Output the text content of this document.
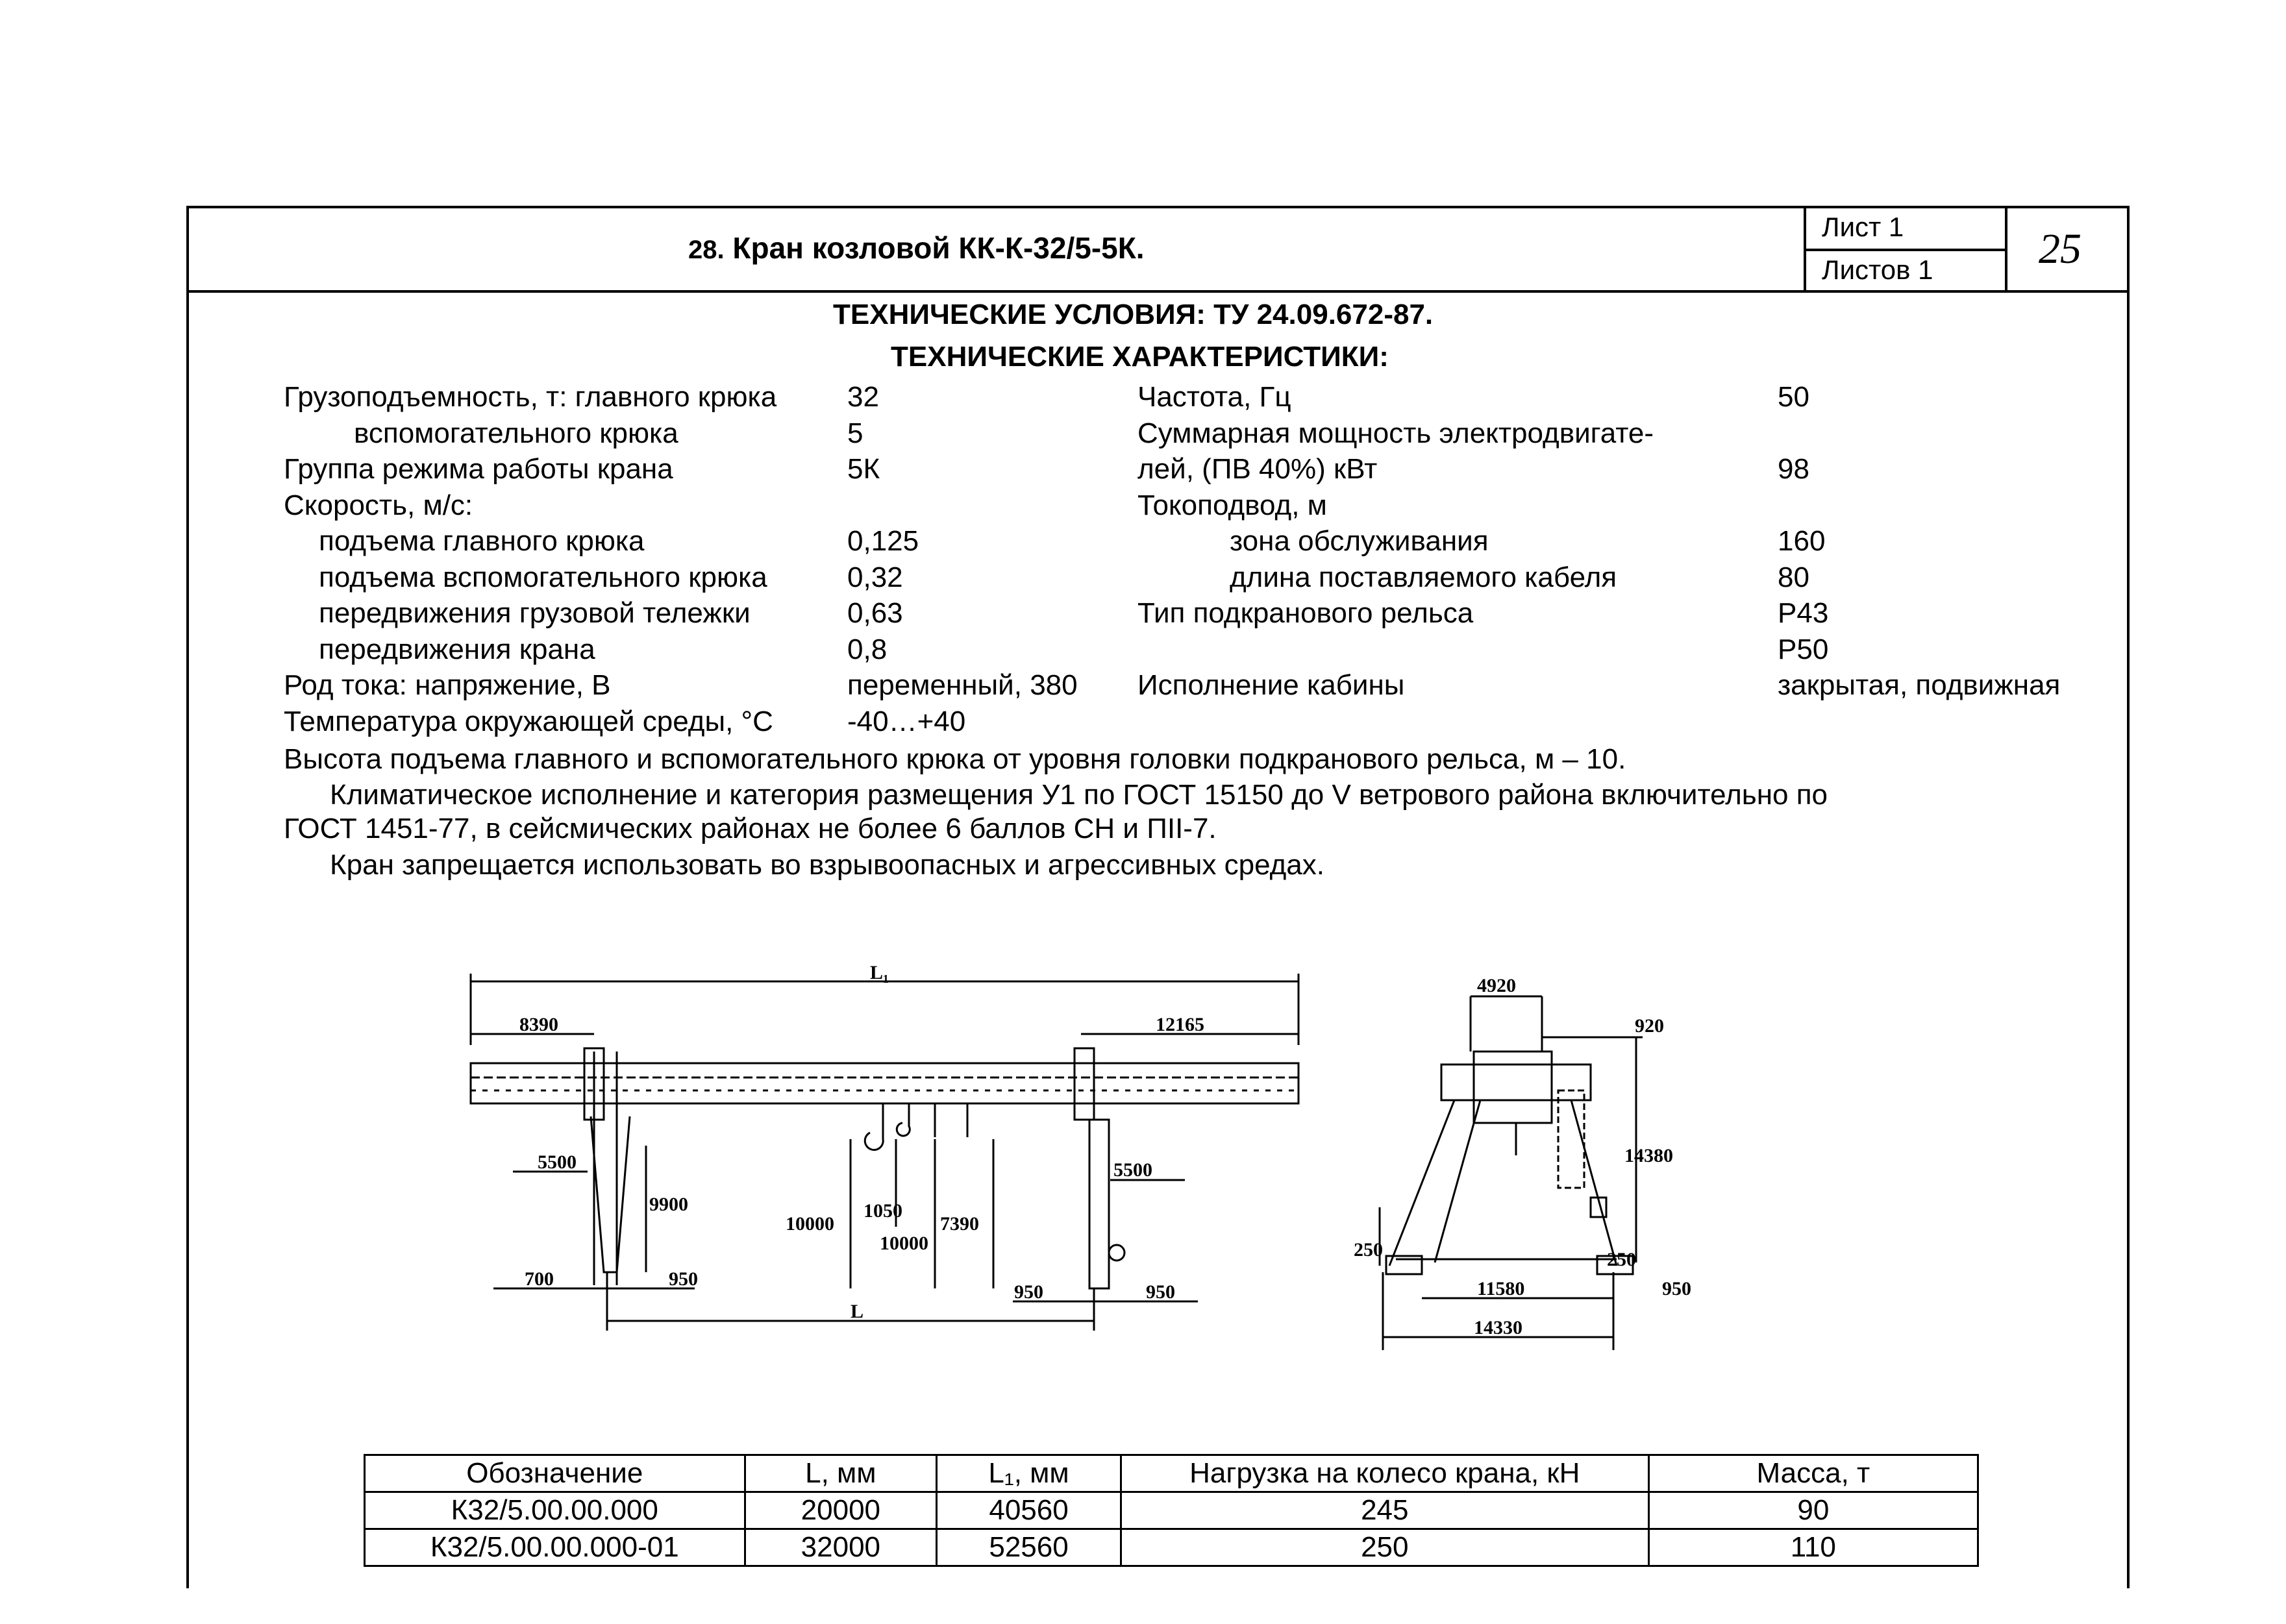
28. Кран козловой КК-К-32/5-5К.
Лист 1
Листов 1 25
ТЕХНИЧЕСКИЕ УСЛОВИЯ: ТУ 24.09.672-87.
ТЕХНИЧЕСКИЕ ХАРАКТЕРИСТИКИ:
Грузоподъемность, т: главного крюка 32
вспомогательного крюка	5
Группа режима работы крана	5К
Скорость, м/с:
подъема главного крюка	0,125
подъема вспомогательного крюка	0,32
передвижения грузовой тележки	0,63
передвижения крана	0,8
Род тока: напряжение, В	переменный, 380
Температура окружающей среды, °С	-40…+40
Частота, Гц	50
Суммарная мощность электродвигате-
лей, (ПВ 40%) кВт	98
Токоподвод, м
зона обслуживания	160
длина поставляемого кабеля	80
Тип подкранового рельса	Р43
Р50
Исполнение кабины	закрытая, подвижная
Высота подъема главного и вспомогательного крюка от уровня головки подкранового рельса, м – 10.
Климатическое исполнение и категория размещения У1 по ГОСТ 15150 до V ветрового района включительно по
ГОСТ 1451-77, в сейсмических районах не более 6 баллов СН и ПII-7.
Кран запрещается использовать во взрывоопасных и агрессивных средах.
L₁
8390	12165
5500	5500
9900
10000
1050
7390
10000
700	950
950	950
L
4920
920
14380
250	250
11580	950
14330
Обозначение	L, мм	L₁, мм	Нагрузка на колесо крана, кН	Масса, т
К32/5.00.00.000	20000	40560	245	90
К32/5.00.00.000-01	32000	52560	250	110
